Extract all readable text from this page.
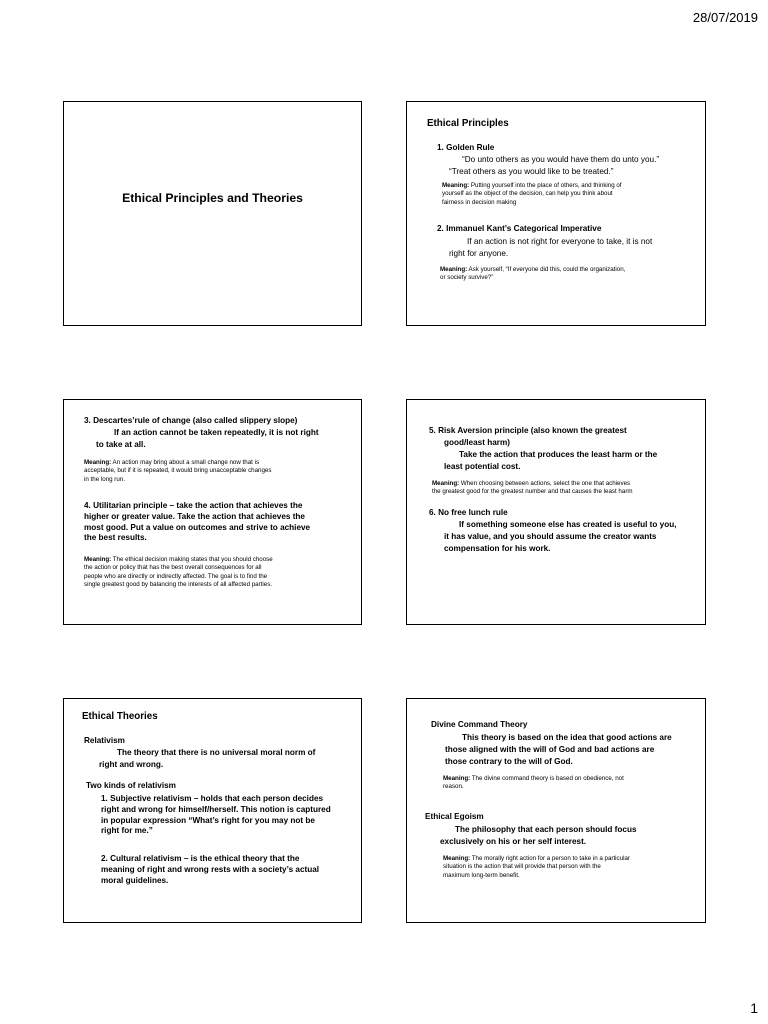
28/07/2019
Ethical Principles and Theories
Ethical Principles
1. Golden Rule
“Do unto others as you would have them do unto you.”
“Treat others as you would like to be treated.”
Meaning: Putting yourself into the place of others, and thinking of
yourself as the object of the decision, can help you think about
fairness in decision making
2. Immanuel Kant’s Categorical Imperative
If an action is not right for everyone to take, it is not
right for anyone.
Meaning: Ask yourself, “If everyone did this, could the organization,
or society survive?”
3. Descartes’rule of change (also called slippery slope)
If an action cannot be taken repeatedly, it is not right
to take at all.
Meaning: An action may bring about a small change now that is
acceptable, but if it is repeated, it would bring unacceptable changes
in the long run.
4. Utilitarian principle – take the action that achieves the
higher or greater value. Take the action that achieves the
most good. Put a value on outcomes and strive to achieve
the best results.
Meaning: The ethical decision making states that you should choose
the action or policy that has the best overall consequences for all
people who are directly or indirectly affected. The goal is to find the
single greatest good by balancing the interests of all affected parties.
5. Risk Aversion principle (also known the greatest
good/least harm)
Take the action that produces the least harm or the
least potential cost.
Meaning: When choosing between actions, select the one that achieves
the greatest good for the greatest number and that causes the least harm
6. No free lunch rule
If something someone else has created is useful to you,
it has value, and you should assume the creator wants
compensation for his work.
Ethical Theories
Relativism
The theory that there is no universal moral norm of
right and wrong.
Two kinds of relativism
1. Subjective relativism – holds that each person decides
right and wrong for himself/herself. This notion is captured
in popular expression “What’s right for you may not be
right for me.”
2. Cultural relativism – is the ethical theory that the
meaning of right and wrong rests with a society’s actual
moral guidelines.
Divine Command Theory
This theory is based on the idea that good actions are
those aligned with the will of God and bad actions are
those contrary to the will of God.
Meaning: The divine command theory is based on obedience, not
reason.
Ethical Egoism
The philosophy that each person should focus
exclusively on his or her self interest.
Meaning: The morally right action for a person to take in a particular
situation is the action that will provide that person with the
maximum long-term benefit.
1
